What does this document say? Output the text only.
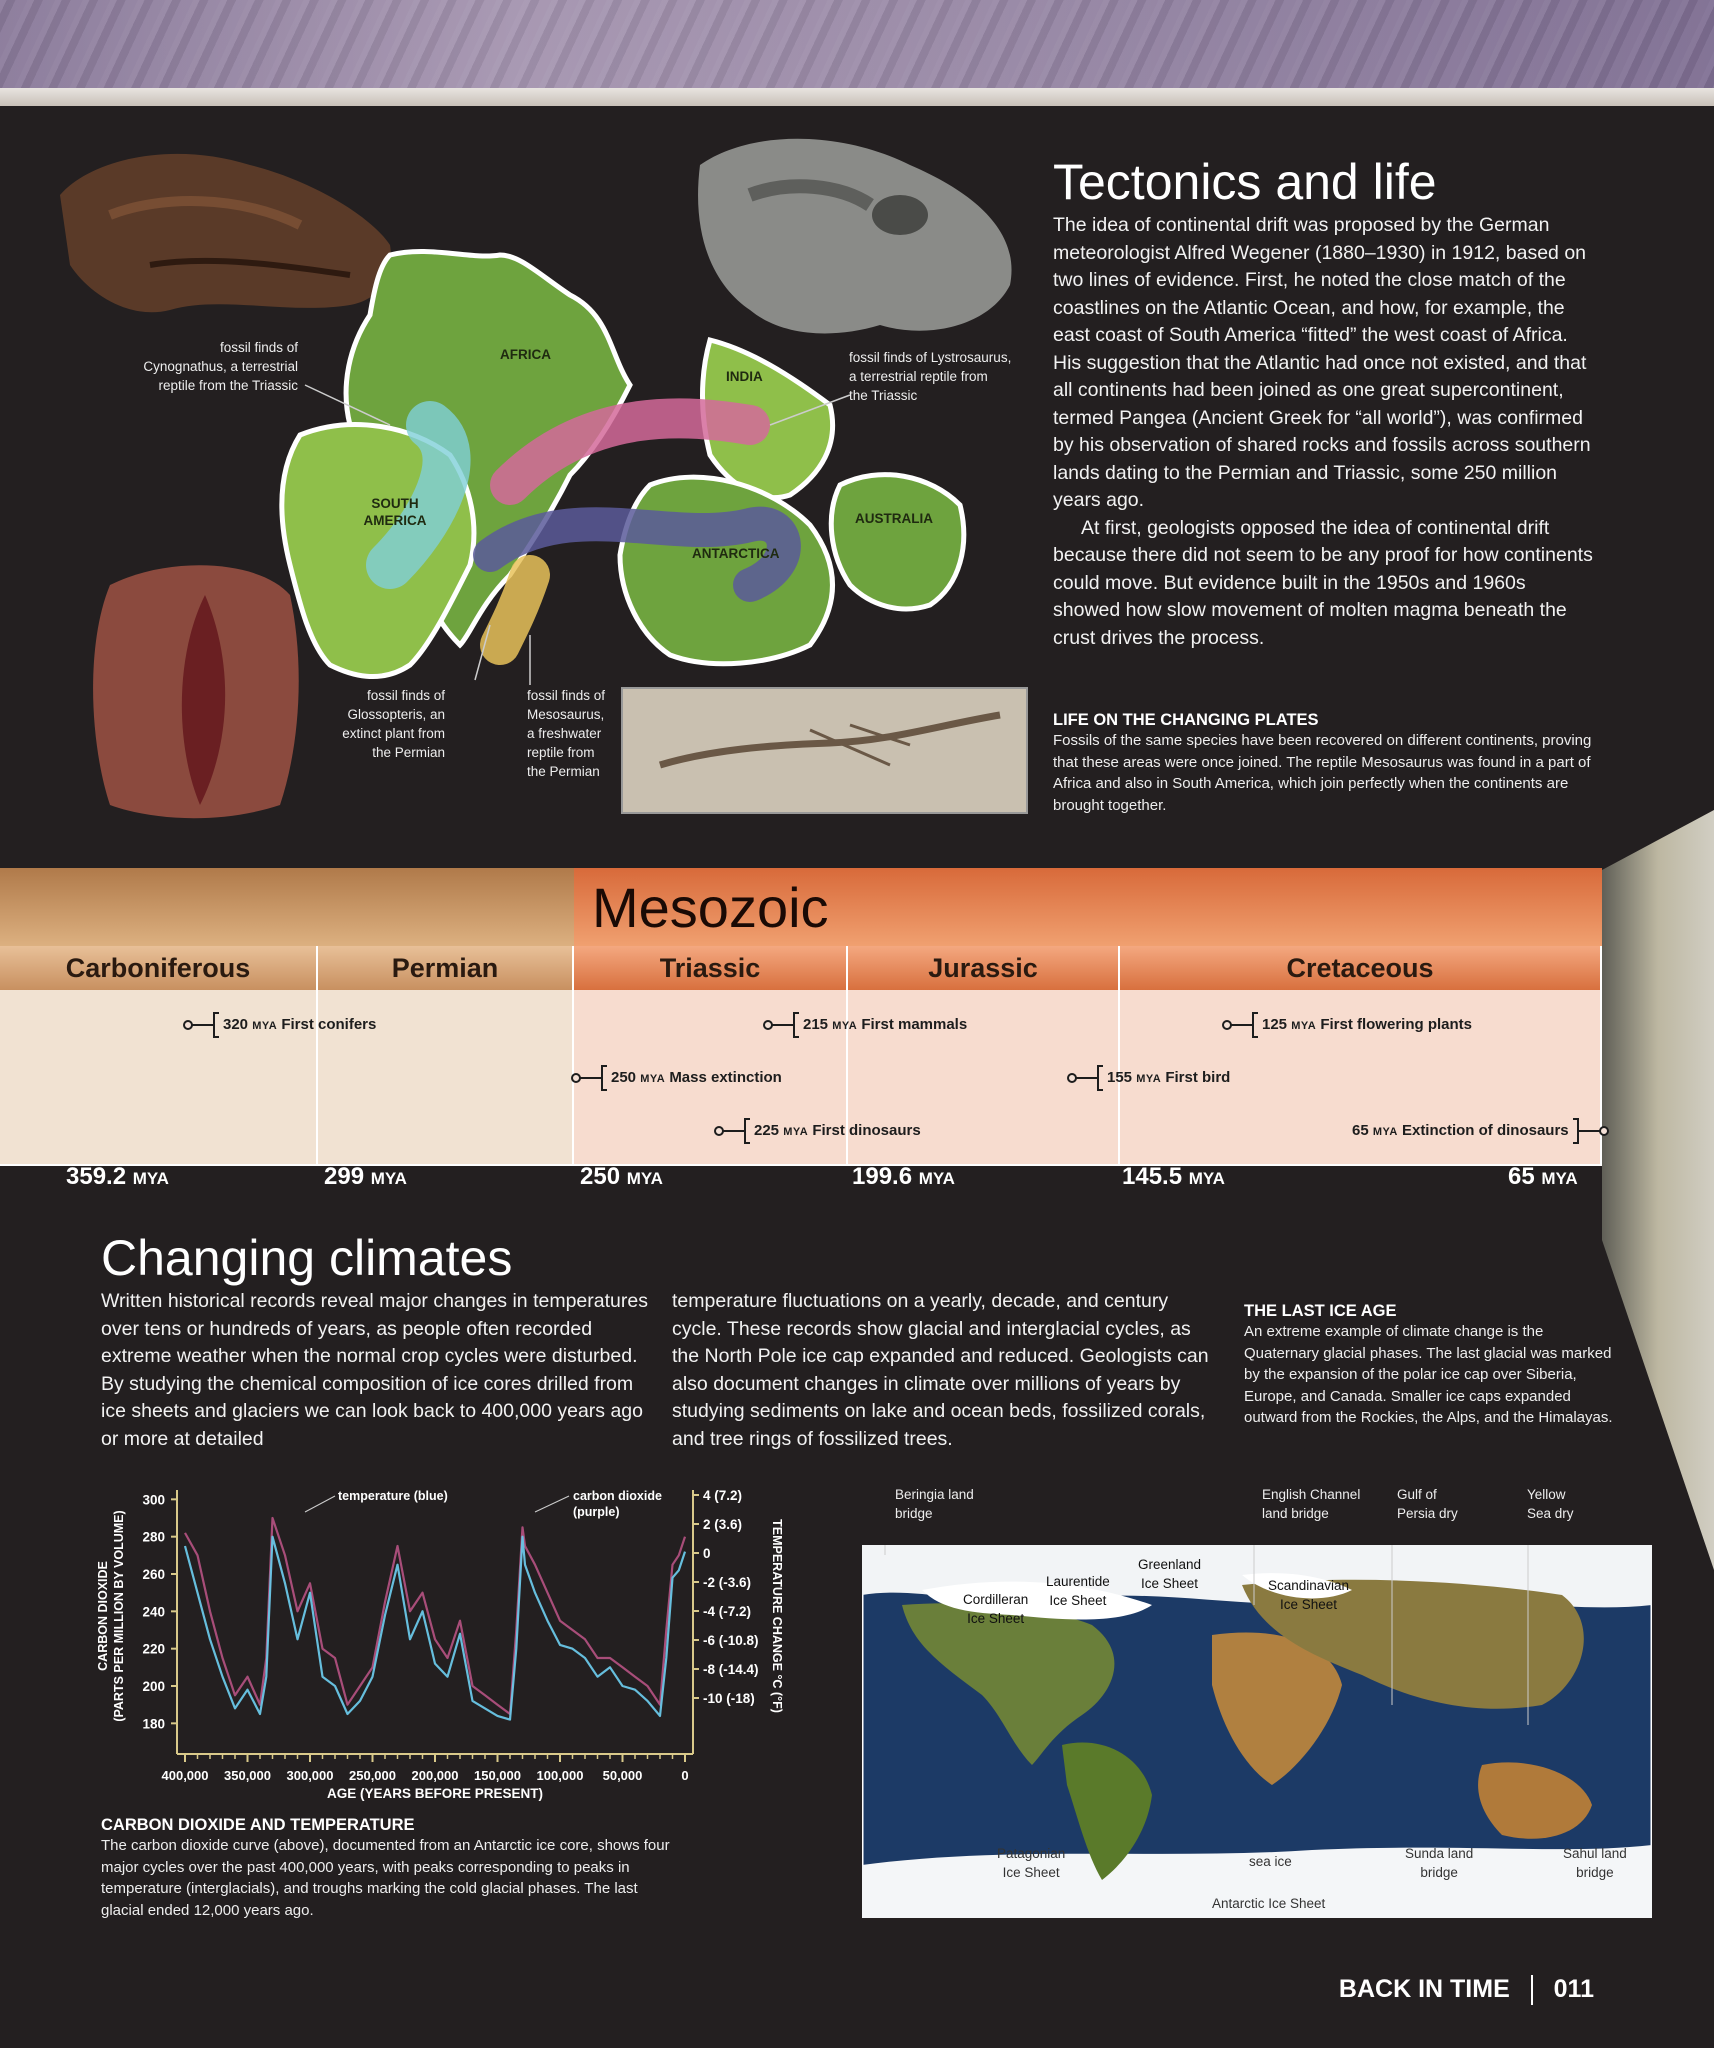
AFRICA
INDIA
SOUTH AMERICA
ANTARCTICA
AUSTRALIA
fossil finds of
Cynognathus, a terrestrial
reptile from the Triassic
fossil finds of Lystrosaurus,
a terrestrial reptile from
the Triassic
fossil finds of
Glossopteris, an
extinct plant from
the Permian
fossil finds of
Mesosaurus,
a freshwater
reptile from
the Permian
Tectonics and life

The idea of continental drift was proposed by the German meteorologist Alfred Wegener (1880–1930) in 1912, based on two lines of evidence. First, he noted the close match of the coastlines on the Atlantic Ocean, and how, for example, the east coast of South America “fitted” the west coast of Africa. His suggestion that the Atlantic had once not existed, and that all continents had been joined as one great supercontinent, termed Pangea (Ancient Greek for “all world”), was confirmed by his observation of shared rocks and fossils across southern lands dating to the Permian and Triassic, some 250 million years ago.

At first, geologists opposed the idea of continental drift because there did not seem to be any proof for how continents could move. But evidence built in the 1950s and 1960s showed how slow movement of molten magma beneath the crust drives the process.

LIFE ON THE CHANGING PLATES
Fossils of the same species have been recovered on different continents, proving that these areas were once joined. The reptile Mesosaurus was found in a part of Africa and also in South America, which join perfectly when the continents are brought together.
Mesozoic
Carboniferous	Permian	Triassic	Jurassic	Cretaceous
359.2 MYA	299 MYA	250 MYA	199.6 MYA	145.5 MYA	65 MYA
320 MYA First conifers	215 MYA First mammals	125 MYA First flowering plants
250 MYA Mass extinction	155 MYA First bird
225 MYA First dinosaurs	65 MYA Extinction of dinosaurs
Changing climates
Written historical records reveal major changes in temperatures over tens or hundreds of years, as people often recorded extreme weather when the normal crop cycles were disturbed. By studying the chemical composition of ice cores drilled from ice sheets and glaciers we can look back to 400,000 years ago or more at detailed
temperature fluctuations on a yearly, decade, and century cycle. These records show glacial and interglacial cycles, as the North Pole ice cap expanded and reduced. Geologists can also document changes in climate over millions of years by studying sediments on lake and ocean beds, fossilized corals, and tree rings of fossilized trees.
THE LAST ICE AGE
An extreme example of climate change is the Quaternary glacial phases. The last glacial was marked by the expansion of the polar ice cap over Siberia, Europe, and Canada. Smaller ice caps expanded outward from the Rockies, the Alps, and the Himalayas.
300
280
260
240
220
200
180
4 (7.2)
2 (3.6)
0
-2 (-3.6)
-4 (-7.2)
-6 (-10.8)
-8 (-14.4)
-10 (-18)
400,000 350,000 300,000 250,000 200,000 150,000 100,000 50,000	0
AGE (YEARS BEFORE PRESENT)
CARBON DIOXIDE (PARTS PER MILLION BY VOLUME)	TEMPERATURE CHANGE °C (°F)
temperature (blue)	carbon dioxide
(purple)
CARBON DIOXIDE AND TEMPERATURE
The carbon dioxide curve (above), documented from an Antarctic ice core, shows four major cycles over the past 400,000 years, with peaks corresponding to peaks in temperature (interglacials), and troughs marking the cold glacial phases. The last glacial ended 12,000 years ago.
Beringia land
bridge
English Channel
land bridge
Gulf of
Persia dry
Yellow
Sea dry
Cordilleran
Ice Sheet
Laurentide
Ice Sheet
Greenland
Ice Sheet	Scandinavian
Ice Sheet
Patagonian
Ice Sheet
sea ice
Sunda land
bridge
Sahul land
bridge
Antarctic Ice Sheet
BACK IN TIME 011
